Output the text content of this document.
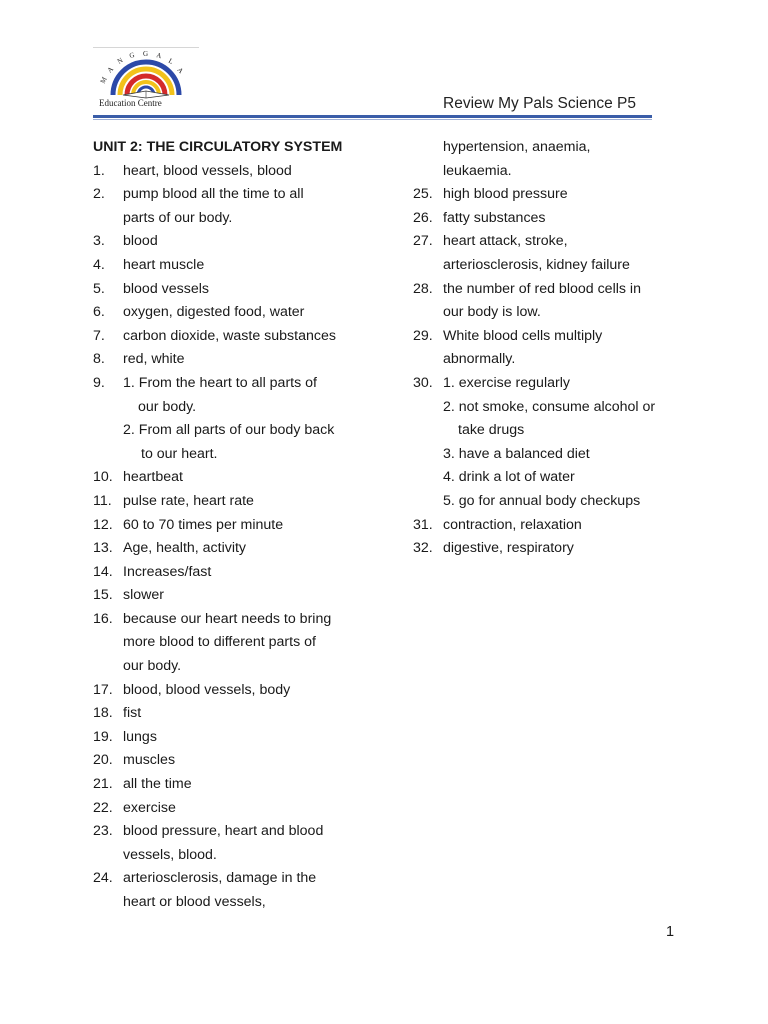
M
A
N
G G A
L
A
Education Centre	Review My Pals Science P5
UNIT 2: THE CIRCULATORY SYSTEM
1. heart, blood vessels, blood
2. pump blood all the time to all
parts of our body.
3. blood
4. heart muscle
5. blood vessels
6. oxygen, digested food, water
7. carbon dioxide, waste substances
8. red, white
9. 1. From the heart to all parts of
our body.
2. From all parts of our body back
to our heart.
10. heartbeat
11. pulse rate, heart rate
12. 60 to 70 times per minute
13. Age, health, activity
14. Increases/fast
15. slower
16. because our heart needs to bring
more blood to different parts of
our body.
17. blood, blood vessels, body
18. fist
19. lungs
20. muscles
21. all the time
22. exercise
23. blood pressure, heart and blood
vessels, blood.
24. arteriosclerosis, damage in the
heart or blood vessels,
hypertension, anaemia,
leukaemia.
25. high blood pressure
26. fatty substances
27. heart attack, stroke,
arteriosclerosis, kidney failure
28. the number of red blood cells in
our body is low.
29. White blood cells multiply
abnormally.
30. 1. exercise regularly
2. not smoke, consume alcohol or
take drugs
3. have a balanced diet
4. drink a lot of water
5. go for annual body checkups
31. contraction, relaxation
32. digestive, respiratory
1
